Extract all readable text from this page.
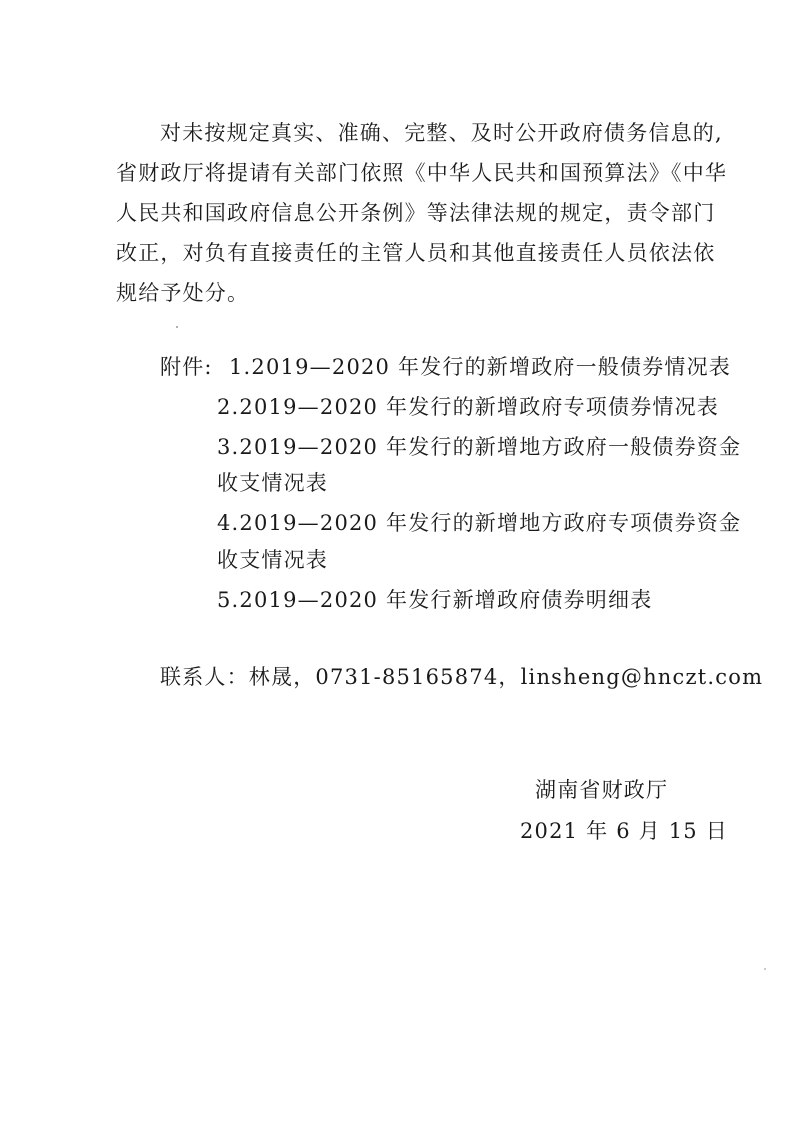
对未按规定真实、准确、完整、及时公开政府债务信息的,
省财政厅将提请有关部门依照《中华人民共和国预算法》《中华
人民共和国政府信息公开条例》等法律法规的规定，责令部门
改正，对负有直接责任的主管人员和其他直接责任人员依法依
规给予处分。
附件: 1.2019—2020 年发行的新增政府一般债券情况表
2.2019—2020 年发行的新增政府专项债券情况表
3.2019—2020 年发行的新增地方政府一般债券资金
收支情况表
4.2019—2020 年发行的新增地方政府专项债券资金
收支情况表
5.2019—2020 年发行新增政府债券明细表
联系人：林晟，0731-85165874，linsheng@hnczt.com
湖南省财政厅
2021 年 6 月 15 日
